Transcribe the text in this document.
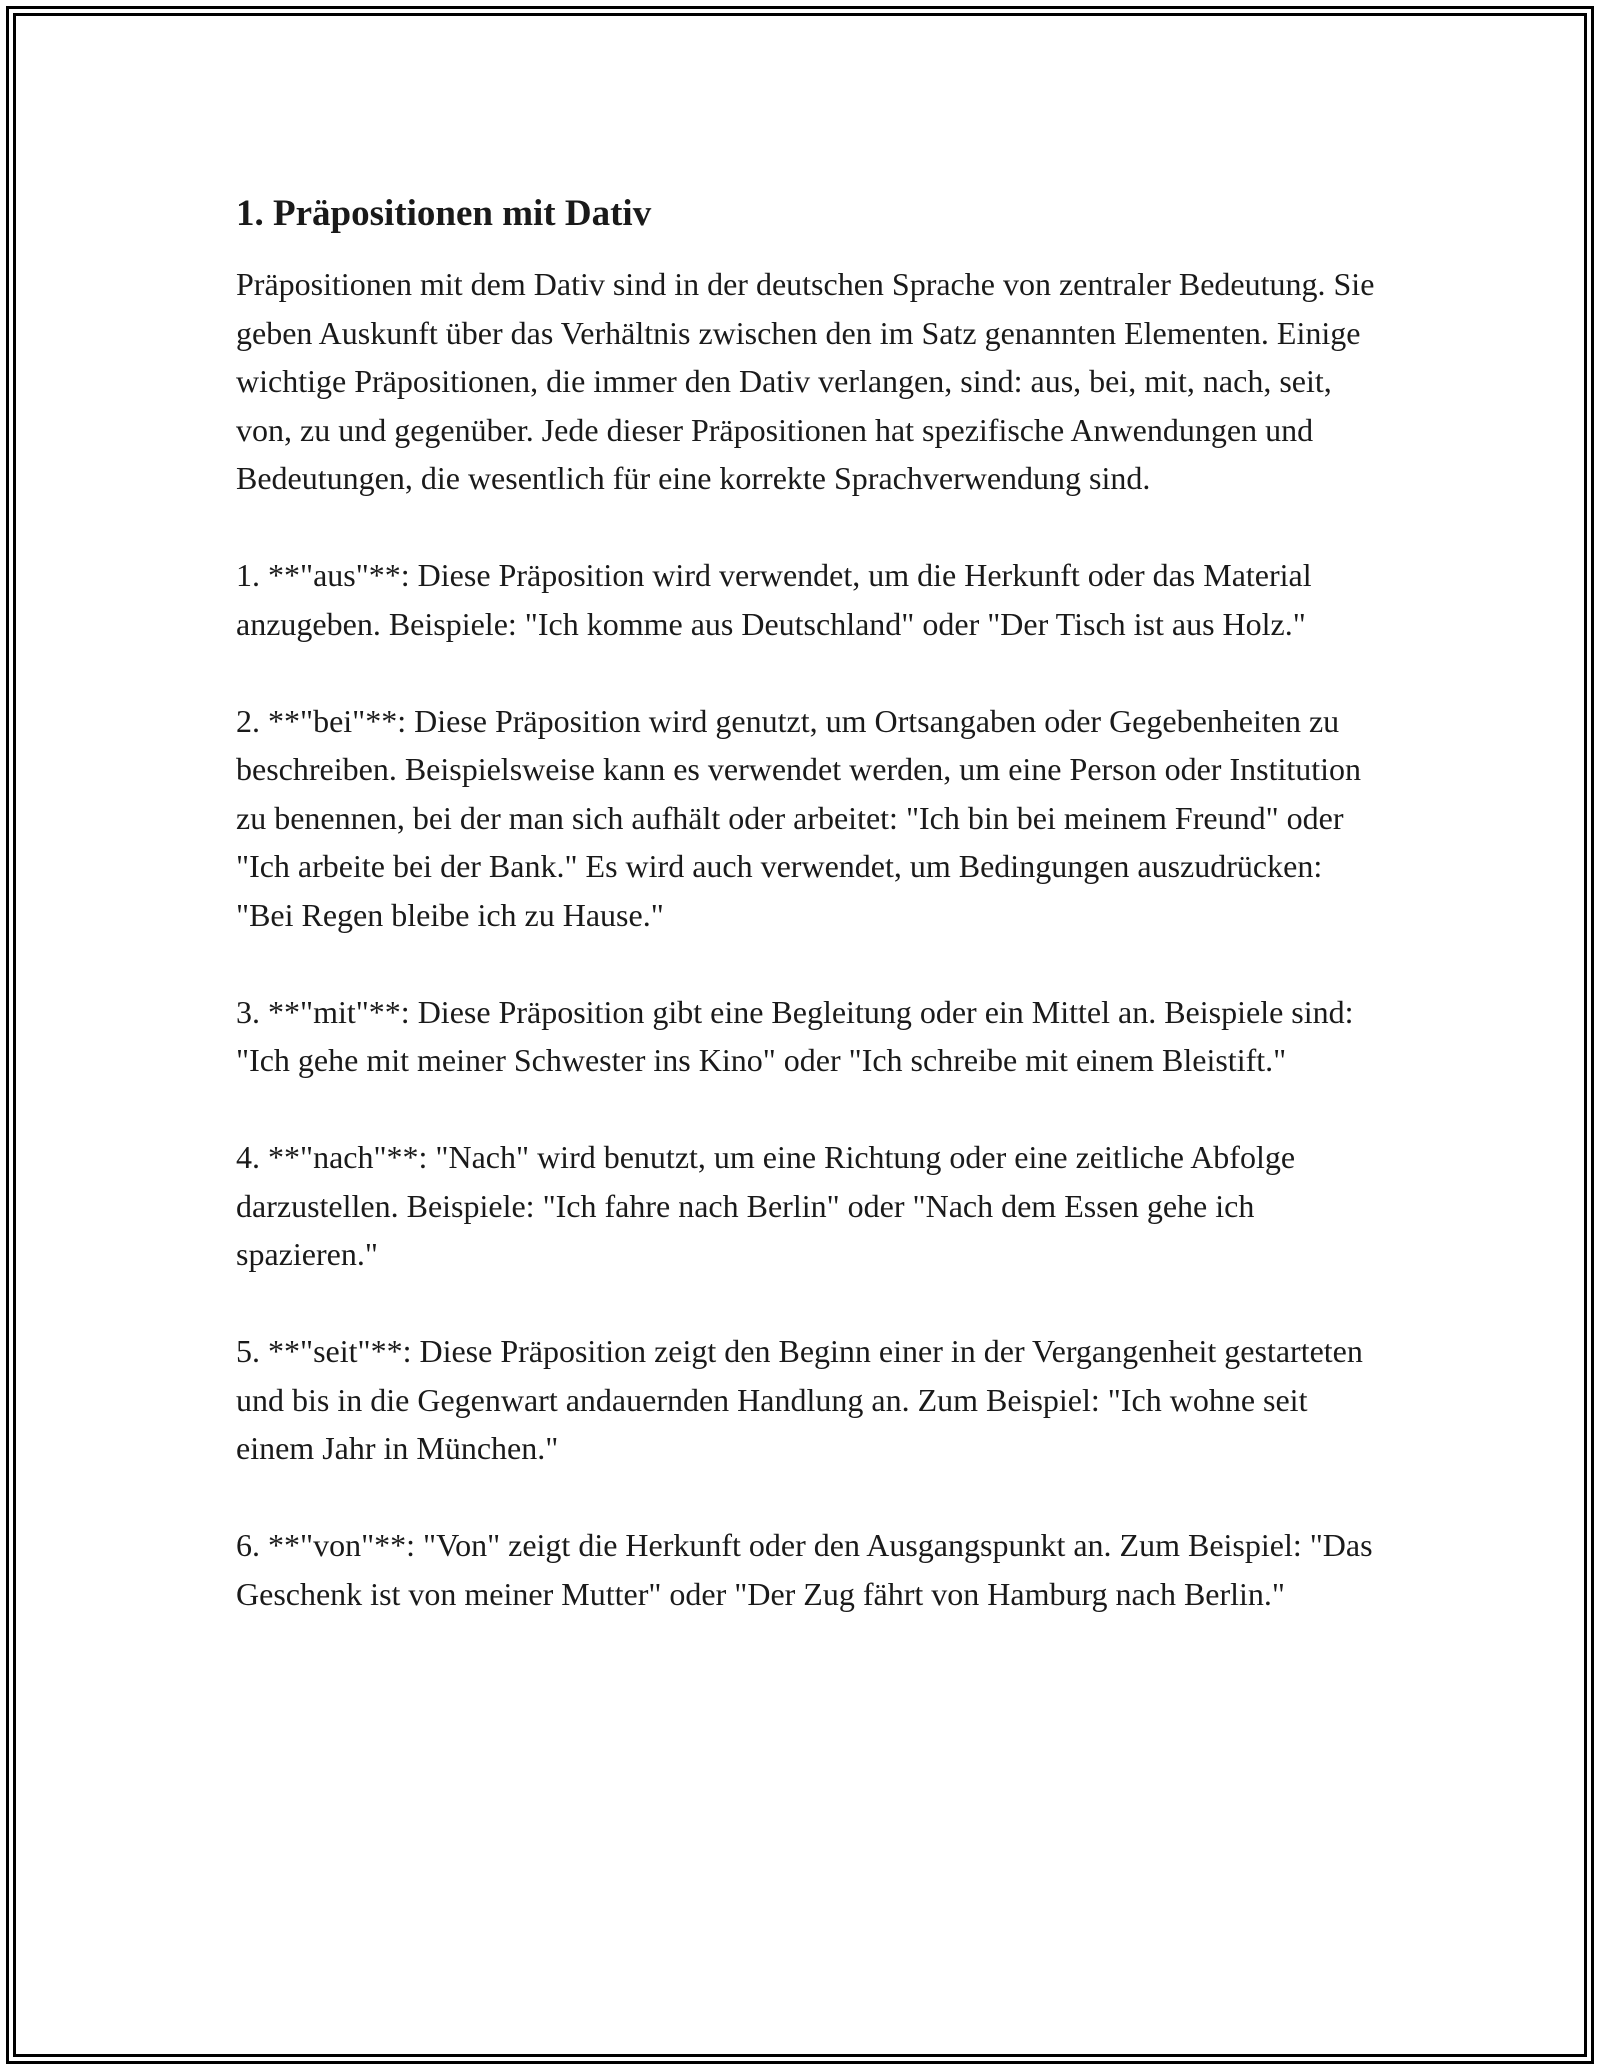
1. Präpositionen mit Dativ

Präpositionen mit dem Dativ sind in der deutschen Sprache von zentraler Bedeutung. Sie geben Auskunft über das Verhältnis zwischen den im Satz genannten Elementen. Einige wichtige Präpositionen, die immer den Dativ verlangen, sind: aus, bei, mit, nach, seit, von, zu und gegenüber. Jede dieser Präpositionen hat spezifische Anwendungen und Bedeutungen, die wesentlich für eine korrekte Sprachverwendung sind.

1. **"aus"**: Diese Präposition wird verwendet, um die Herkunft oder das Material anzugeben. Beispiele: "Ich komme aus Deutschland" oder "Der Tisch ist aus Holz."

2. **"bei"**: Diese Präposition wird genutzt, um Ortsangaben oder Gegebenheiten zu beschreiben. Beispielsweise kann es verwendet werden, um eine Person oder Institution zu benennen, bei der man sich aufhält oder arbeitet: "Ich bin bei meinem Freund" oder "Ich arbeite bei der Bank." Es wird auch verwendet, um Bedingungen auszudrücken: "Bei Regen bleibe ich zu Hause."

3. **"mit"**: Diese Präposition gibt eine Begleitung oder ein Mittel an. Beispiele sind: "Ich gehe mit meiner Schwester ins Kino" oder "Ich schreibe mit einem Bleistift."

4. **"nach"**: "Nach" wird benutzt, um eine Richtung oder eine zeitliche Abfolge darzustellen. Beispiele: "Ich fahre nach Berlin" oder "Nach dem Essen gehe ich spazieren."

5. **"seit"**: Diese Präposition zeigt den Beginn einer in der Vergangenheit gestarteten und bis in die Gegenwart andauernden Handlung an. Zum Beispiel: "Ich wohne seit einem Jahr in München."

6. **"von"**: "Von" zeigt die Herkunft oder den Ausgangspunkt an. Zum Beispiel: "Das Geschenk ist von meiner Mutter" oder "Der Zug fährt von Hamburg nach Berlin."
